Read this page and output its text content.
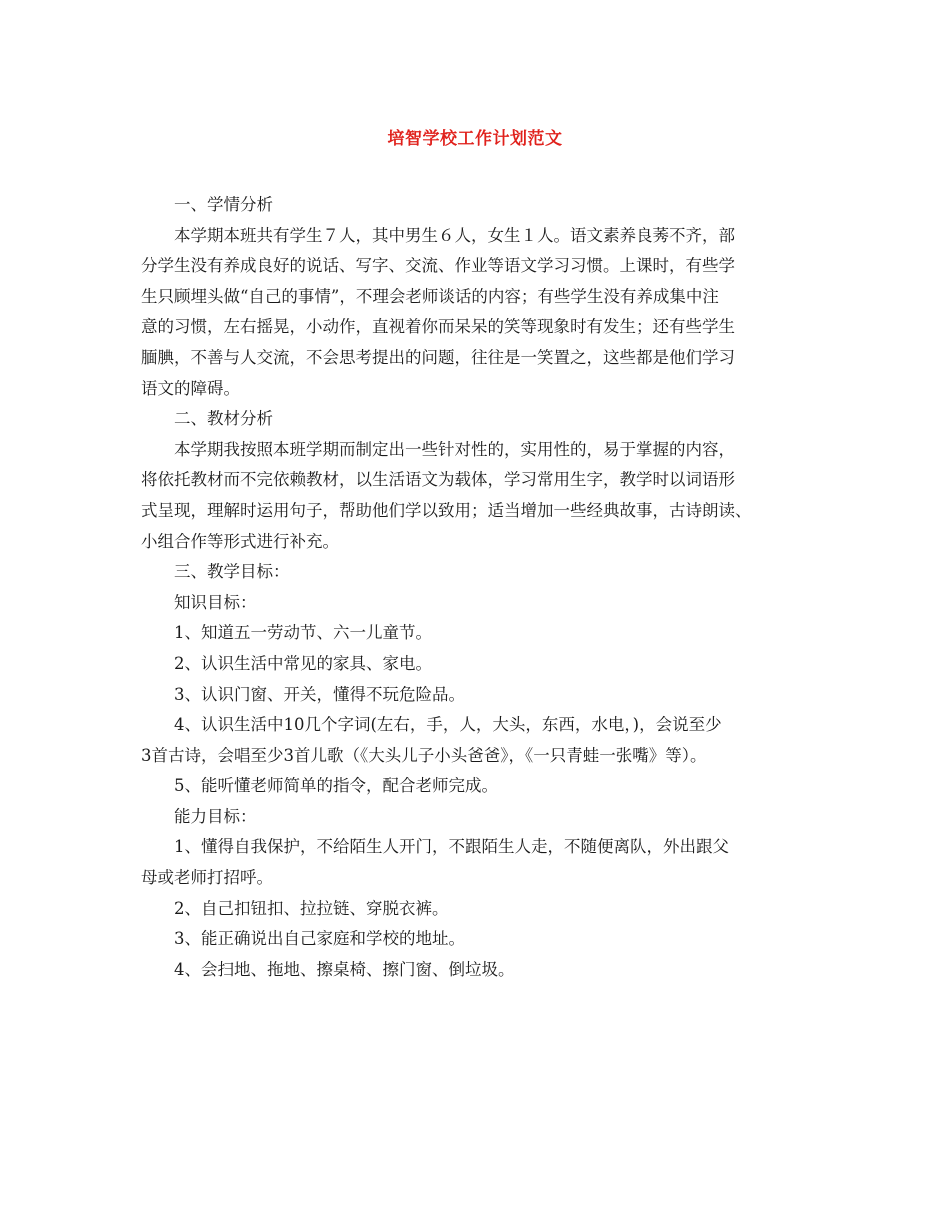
培智学校工作计划范文

一、学情分析

本学期本班共有学生７人，其中男生６人，女生１人。语文素养良莠不齐，部
分学生没有养成良好的说话、写字、交流、作业等语文学习习惯。上课时，有些学
生只顾埋头做“自己的事情”，不理会老师谈话的内容；有些学生没有养成集中注
意的习惯，左右摇晃，小动作，直视着你而呆呆的笑等现象时有发生；还有些学生
腼腆，不善与人交流，不会思考提出的问题，往往是一笑置之，这些都是他们学习
语文的障碍。

二、教材分析

本学期我按照本班学期而制定出一些针对性的，实用性的，易于掌握的内容，
将依托教材而不完依赖教材，以生活语文为载体，学习常用生字，教学时以词语形
式呈现，理解时运用句子，帮助他们学以致用；适当增加一些经典故事，古诗朗读、
小组合作等形式进行补充。

三、教学目标：

知识目标：

1、知道五一劳动节、六一儿童节。

2、认识生活中常见的家具、家电。

3、认识门窗、开关，懂得不玩危险品。

4、认识生活中10几个字词(左右，手，人，大头，东西，水电，)，会说至少
3首古诗，会唱至少3首儿歌（《大头儿子小头爸爸》，《一只青蛙一张嘴》等）。

5、能听懂老师简单的指令，配合老师完成。

能力目标：

1、懂得自我保护，不给陌生人开门，不跟陌生人走，不随便离队，外出跟父
母或老师打招呼。

2、自己扣钮扣、拉拉链、穿脱衣裤。

3、能正确说出自己家庭和学校的地址。

4、会扫地、拖地、擦桌椅、擦门窗、倒垃圾。
